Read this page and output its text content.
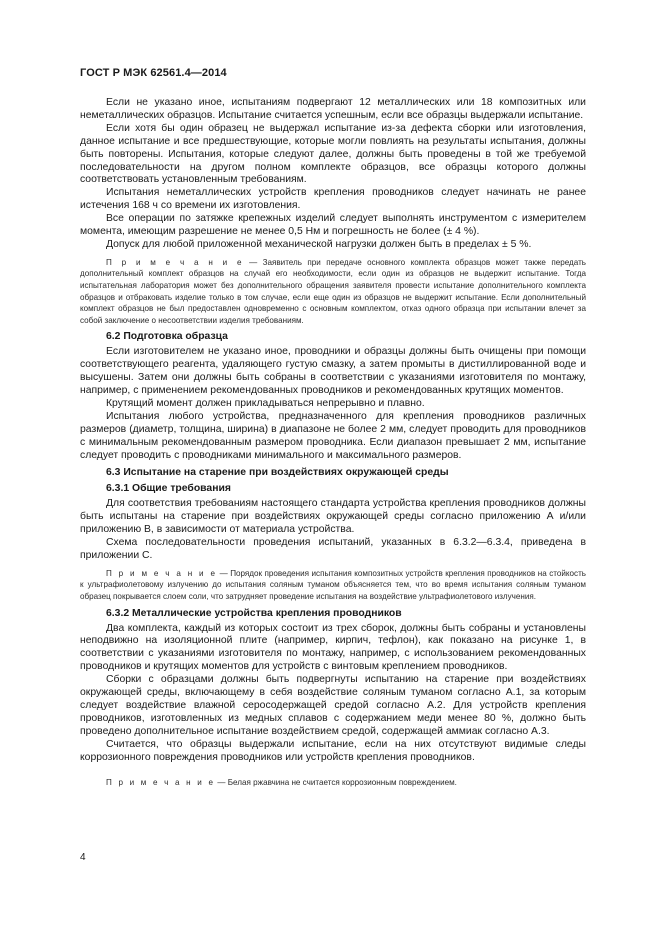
ГОСТ Р МЭК 62561.4—2014

Если не указано иное, испытаниям подвергают 12 металлических или 18 композитных или неметаллических образцов. Испытание считается успешным, если все образцы выдержали испытание.

Если хотя бы один образец не выдержал испытание из-за дефекта сборки или изготовления, данное испытание и все предшествующие, которые могли повлиять на результаты испытания, должны быть повторены. Испытания, которые следуют далее, должны быть проведены в той же требуемой последовательности на другом полном комплекте образцов, все образцы которого должны соответствовать установленным требованиям.

Испытания неметаллических устройств крепления проводников следует начинать не ранее истечения 168 ч со времени их изготовления.

Все операции по затяжке крепежных изделий следует выполнять инструментом с измерителем момента, имеющим разрешение не менее 0,5 Нм и погрешность не более (± 4 %).

Допуск для любой приложенной механической нагрузки должен быть в пределах ± 5 %.

П р и м е ч а н и е — Заявитель при передаче основного комплекта образцов может также передать дополнительный комплект образцов на случай его необходимости, если один из образцов не выдержит испытание. Тогда испытательная лаборатория может без дополнительного обращения заявителя провести испытание дополнительного комплекта образцов и отбраковать изделие только в том случае, если еще один из образцов не выдержит испытание. Если дополнительный комплект образцов не был предоставлен одновременно с основным комплектом, отказ одного образца при испытании влечет за собой заключение о несоответствии изделия требованиям.

6.2 Подготовка образца

Если изготовителем не указано иное, проводники и образцы должны быть очищены при помощи соответствующего реагента, удаляющего густую смазку, а затем промыты в дистиллированной воде и высушены. Затем они должны быть собраны в соответствии с указаниями изготовителя по монтажу, например, с применением рекомендованных проводников и рекомендованных крутящих моментов.

Крутящий момент должен прикладываться непрерывно и плавно.

Испытания любого устройства, предназначенного для крепления проводников различных размеров (диаметр, толщина, ширина) в диапазоне не более 2 мм, следует проводить для проводников с минимальным рекомендованным размером проводника. Если диапазон превышает 2 мм, испытание следует проводить с проводниками минимального и максимального размеров.

6.3 Испытание на старение при воздействиях окружающей среды

6.3.1 Общие требования

Для соответствия требованиям настоящего стандарта устройства крепления проводников должны быть испытаны на старение при воздействиях окружающей среды согласно приложению А и/или приложению В, в зависимости от материала устройства.

Схема последовательности проведения испытаний, указанных в 6.3.2—6.3.4, приведена в приложении С.

П р и м е ч а н и е — Порядок проведения испытания композитных устройств крепления проводников на стойкость к ультрафиолетовому излучению до испытания соляным туманом объясняется тем, что во время испытания соляным туманом образец покрывается слоем соли, что затрудняет проведение испытания на воздействие ультрафиолетового излучения.

6.3.2 Металлические устройства крепления проводников

Два комплекта, каждый из которых состоит из трех сборок, должны быть собраны и установлены неподвижно на изоляционной плите (например, кирпич, тефлон), как показано на рисунке 1, в соответствии с указаниями изготовителя по монтажу, например, с использованием рекомендованных проводников и крутящих моментов для устройств с винтовым креплением проводников.

Сборки с образцами должны быть подвергнуты испытанию на старение при воздействиях окружающей среды, включающему в себя воздействие соляным туманом согласно А.1, за которым следует воздействие влажной серосодержащей средой согласно А.2. Для устройств крепления проводников, изготовленных из медных сплавов с содержанием меди менее 80 %, должно быть проведено дополнительное испытание воздействием средой, содержащей аммиак согласно А.3.

Считается, что образцы выдержали испытание, если на них отсутствуют видимые следы коррозионного повреждения проводников или устройств крепления проводников.

П р и м е ч а н и е — Белая ржавчина не считается коррозионным повреждением.

4
